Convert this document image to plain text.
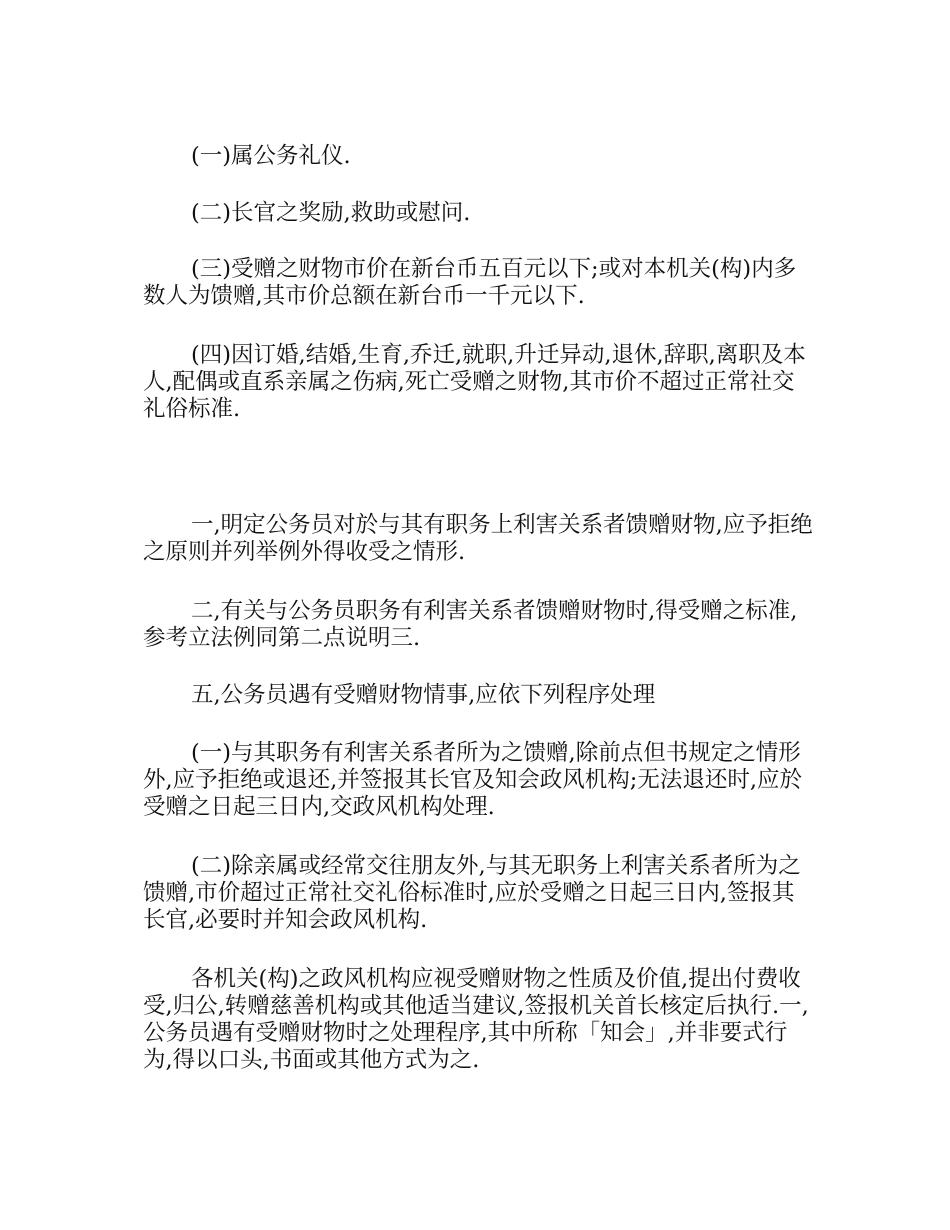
(一)属公务礼仪.

(二)长官之奖励,救助或慰问.

(三)受赠之财物市价在新台币五百元以下;或对本机关(构)内多数人为馈赠,其市价总额在新台币一千元以下.

(四)因订婚,结婚,生育,乔迁,就职,升迁异动,退休,辞职,离职及本人,配偶或直系亲属之伤病,死亡受赠之财物,其市价不超过正常社交礼俗标准.

一,明定公务员对於与其有职务上利害关系者馈赠财物,应予拒绝之原则并列举例外得收受之情形.

二,有关与公务员职务有利害关系者馈赠财物时,得受赠之标准,参考立法例同第二点说明三.

五,公务员遇有受赠财物情事,应依下列程序处理

(一)与其职务有利害关系者所为之馈赠,除前点但书规定之情形外,应予拒绝或退还,并签报其长官及知会政风机构;无法退还时,应於受赠之日起三日内,交政风机构处理.

(二)除亲属或经常交往朋友外,与其无职务上利害关系者所为之馈赠,市价超过正常社交礼俗标准时,应於受赠之日起三日内,签报其长官,必要时并知会政风机构.

各机关(构)之政风机构应视受赠财物之性质及价值,提出付费收受,归公,转赠慈善机构或其他适当建议,签报机关首长核定后执行.一,公务员遇有受赠财物时之处理程序,其中所称「知会」,并非要式行为,得以口头,书面或其他方式为之.
